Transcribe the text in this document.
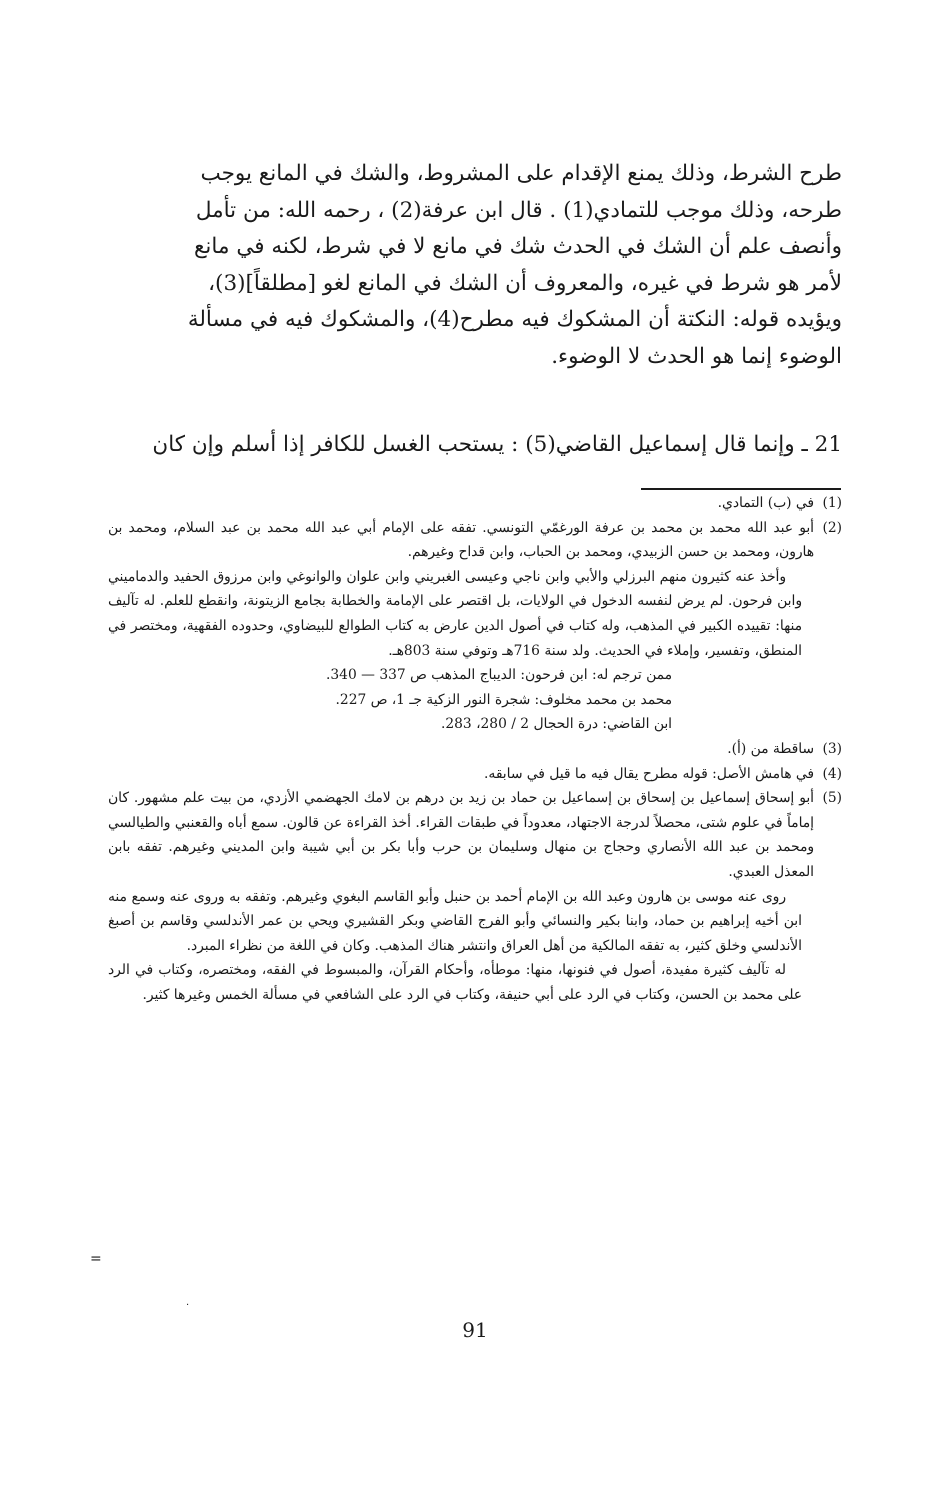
طرح الشرط، وذلك يمنع الإقدام على المشروط، والشك في المانع يوجب

طرحه، وذلك موجب للتمادي(1) . قال ابن عرفة(2) ، رحمه الله: من تأمل

وأنصف علم أن الشك في الحدث شك في مانع لا في شرط، لكنه في مانع

لأمر هو شرط في غيره، والمعروف أن الشك في المانع لغو [مطلقاً](3)،

ويؤيده قوله: النكتة أن المشكوك فيه مطرح(4)، والمشكوك فيه في مسألة

الوضوء إنما هو الحدث لا الوضوء.

21 ـ وإنما قال إسماعيل القاضي(5) : يستحب الغسل للكافر إذا أسلم وإن كان

(1)
في (ب) التمادي.
(2)
أبو عبد الله محمد بن محمد بن عرفة الورغمّي التونسي. تفقه على الإمام أبي عبد الله محمد بن عبد السلام، ومحمد بن هارون، ومحمد بن حسن الزبيدي، ومحمد بن الحباب، وابن قداح وغيرهم.

وأخذ عنه كثيرون منهم البرزلي والأبي وابن ناجي وعيسى الغبريني وابن علوان والوانوغي وابن مرزوق الحفيد والدماميني وابن فرحون. لم يرض لنفسه الدخول في الولايات، بل اقتصر على الإمامة والخطابة بجامع الزيتونة، وانقطع للعلم. له تآليف منها: تقييده الكبير في المذهب، وله كتاب في أصول الدين عارض به كتاب الطوالع للبيضاوي، وحدوده الفقهية، ومختصر في المنطق، وتفسير، وإملاء في الحديث. ولد سنة 716هـ وتوفي سنة 803هـ.

ممن ترجم له: ابن فرحون: الديباج المذهب ص 337 — 340.

محمد بن محمد مخلوف: شجرة النور الزكية جـ 1، ص 227.

ابن القاضي: درة الحجال 2 / 280، 283.

(3)
ساقطة من (أ).
(4)
في هامش الأصل: قوله مطرح يقال فيه ما قيل في سابقه.
(5)
أبو إسحاق إسماعيل بن إسحاق بن إسماعيل بن حماد بن زيد بن درهم بن لامك الجهضمي الأزدي، من بيت علم مشهور. كان إماماً في علوم شتى، محصلاً لدرجة الاجتهاد، معدوداً في طبقات القراء. أخذ القراءة عن قالون. سمع أباه والقعنبي والطيالسي ومحمد بن عبد الله الأنصاري وحجاج بن منهال وسليمان بن حرب وأبا بكر بن أبي شيبة وابن المديني وغيرهم. تفقه بابن المعذل العبدي.

روى عنه موسى بن هارون وعبد الله بن الإمام أحمد بن حنبل وأبو القاسم البغوي وغيرهم. وتفقه به وروى عنه وسمع منه ابن أخيه إبراهيم بن حماد، وابنا بكير والنسائي وأبو الفرج القاضي وبكر القشيري ويحي بن عمر الأندلسي وقاسم بن أصبغ الأندلسي وخلق كثير، به تفقه المالكية من أهل العراق وانتشر هناك المذهب. وكان في اللغة من نظراء المبرد.

له تآليف كثيرة مفيدة، أصول في فنونها، منها: موطأه، وأحكام القرآن، والمبسوط في الفقه، ومختصره، وكتاب في الرد على محمد بن الحسن، وكتاب في الرد على أبي حنيفة، وكتاب في الرد على الشافعي في مسألة الخمس وغيرها كثير.

=
·
91
